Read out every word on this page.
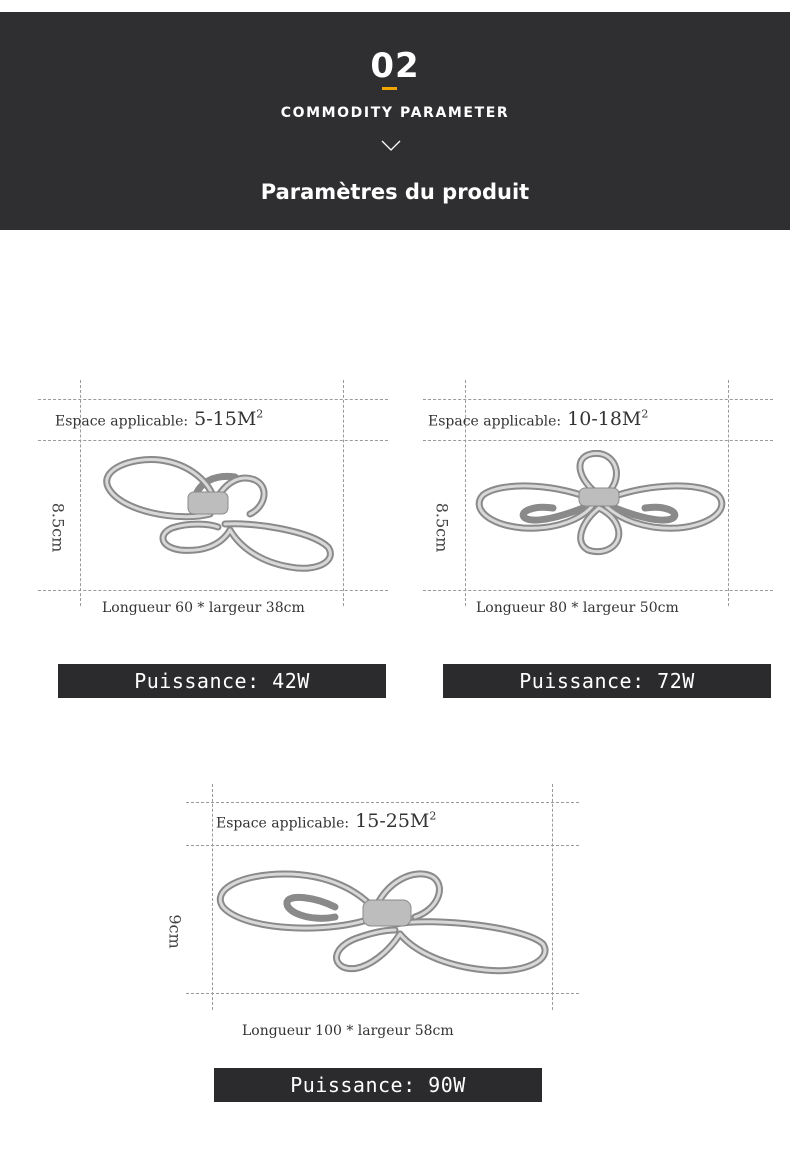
02
COMMODITY PARAMETER
Paramètres du produit
Espace applicable: $5-15M^2$
8.5cm
Longueur 60 * largeur 38cm
Puissance: 42W
Espace applicable: $10-18M^2$
8.5cm
Longueur 80 * largeur 50cm
Puissance: 72W
Espace applicable: $15-25M^2$
9cm
Longueur 100 * largeur 58cm
Puissance: 90W
